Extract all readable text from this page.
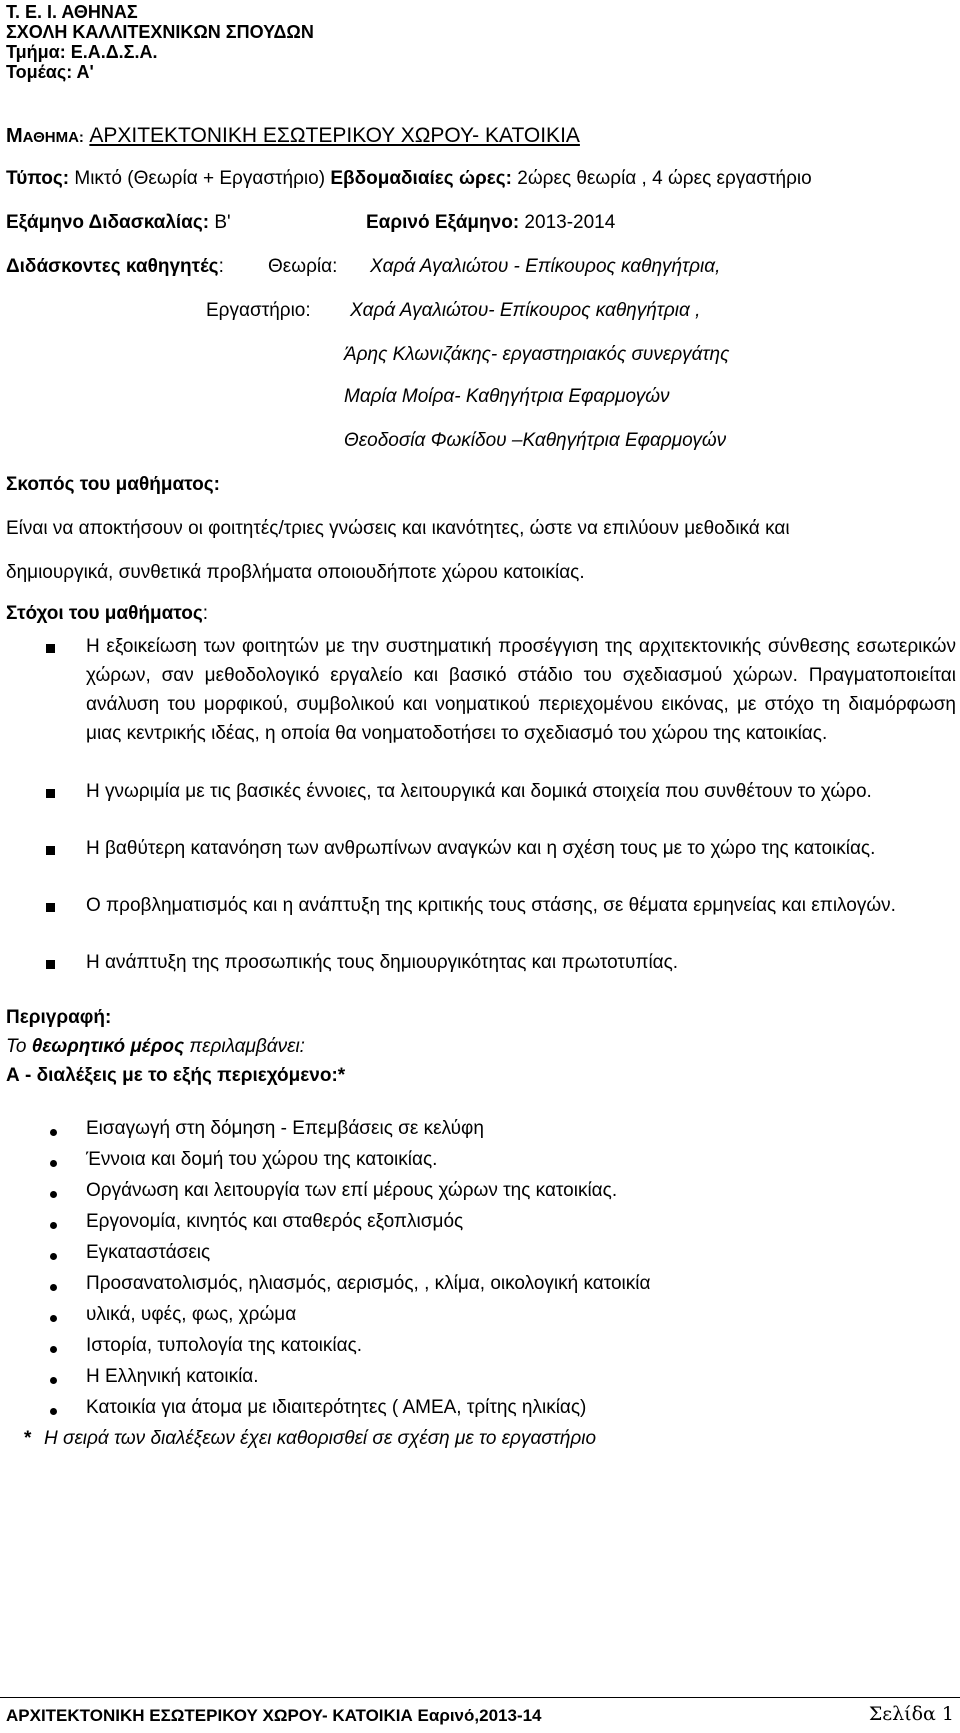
Τ. Ε. Ι. ΑΘΗΝΑΣ
ΣΧΟΛΗ ΚΑΛΛΙΤΕΧΝΙΚΩΝ ΣΠΟΥΔΩΝ
Τμήμα: Ε.Α.Δ.Σ.Α.
Τομέας: Α'
ΜΑΘΗΜΑ: ΑΡΧΙΤΕΚΤΟΝΙΚΗ ΕΣΩΤΕΡΙΚΟΥ ΧΩΡΟΥ- ΚΑΤΟΙΚΙΑ
Τύπος: Μικτό (Θεωρία + Εργαστήριο) Εβδομαδιαίες ώρες: 2ώρες θεωρία , 4 ώρες εργαστήριο
Εξάμηνο Διδασκαλίας: Β'	Εαρινό Εξάμηνο: 2013-2014
Διδάσκοντες καθηγητές: Θεωρία: Χαρά Αγαλιώτου - Επίκουρος καθηγήτρια,
Εργαστήριο: Χαρά Αγαλιώτου- Επίκουρος καθηγήτρια ,
Άρης Κλωνιζάκης- εργαστηριακός συνεργάτης
Μαρία Μοίρα- Καθηγήτρια Εφαρμογών
Θεοδοσία Φωκίδου –Καθηγήτρια Εφαρμογών
Σκοπός του μαθήματος:
Είναι να αποκτήσουν οι φοιτητές/τριες γνώσεις και ικανότητες, ώστε να επιλύουν μεθοδικά και
δημιουργικά, συνθετικά προβλήματα οποιουδήποτε χώρου κατοικίας.
Στόχοι του μαθήματος:
Η εξοικείωση των φοιτητών με την συστηματική προσέγγιση της αρχιτεκτονικής σύνθεσης εσωτερικών χώρων, σαν μεθοδολογικό εργαλείο και βασικό στάδιο του σχεδιασμού χώρων. Πραγματοποιείται ανάλυση του μορφικού, συμβολικού και νοηματικού περιεχομένου εικόνας, με στόχο τη διαμόρφωση μιας κεντρικής ιδέας, η οποία θα νοηματοδοτήσει το σχεδιασμό του χώρου της κατοικίας.
Η γνωριμία με τις βασικές έννοιες, τα λειτουργικά και δομικά στοιχεία που συνθέτουν το χώρο.
Η βαθύτερη κατανόηση των ανθρωπίνων αναγκών και η σχέση τους με το χώρο της κατοικίας.
Ο προβληματισμός και η ανάπτυξη της κριτικής τους στάσης, σε θέματα ερμηνείας και επιλογών.
Η ανάπτυξη της προσωπικής τους δημιουργικότητας και πρωτοτυπίας.
Περιγραφή:
Το θεωρητικό μέρος περιλαμβάνει:
Α - διαλέξεις με το εξής περιεχόμενο:*
Εισαγωγή στη δόμηση - Επεμβάσεις σε κελύφη
Έννοια και δομή του χώρου της κατοικίας.
Οργάνωση και λειτουργία των επί μέρους χώρων της κατοικίας.
Εργονομία, κινητός και σταθερός εξοπλισμός
Εγκαταστάσεις
Προσανατολισμός, ηλιασμός, αερισμός, , κλίμα, οικολογική κατοικία
υλικά, υφές, φως, χρώμα
Ιστορία, τυπολογία της κατοικίας.
Η Ελληνική κατοικία.
Κατοικία για άτομα με ιδιαιτερότητες ( ΑΜΕΑ, τρίτης ηλικίας)
* Η σειρά των διαλέξεων έχει καθορισθεί σε σχέση με το εργαστήριο
ΑΡΧΙΤΕΚΤΟΝΙΚΗ ΕΣΩΤΕΡΙΚΟΥ ΧΩΡΟΥ- ΚΑΤΟΙΚΙΑ Εαρινό,2013-14	Σελίδα 1
